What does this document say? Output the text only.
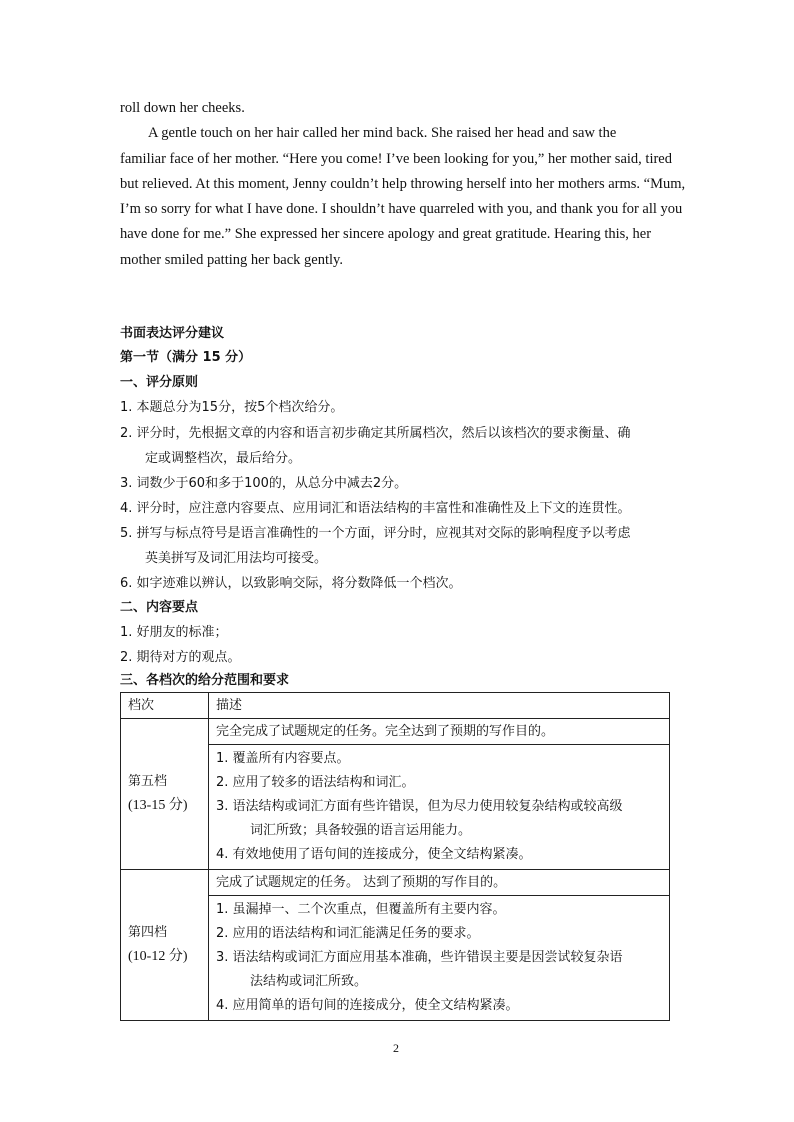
roll down her cheeks.
A gentle touch on her hair called her mind back. She raised her head and saw the
familiar face of her mother. “Here you come! I’ve been looking for you,” her mother said, tired
but relieved. At this moment, Jenny couldn’t help throwing herself into her mothers arms. “Mum,
I’m so sorry for what I have done. I shouldn’t have quarreled with you, and thank you for all you
have done for me.” She expressed her sincere apology and great gratitude. Hearing this, her
mother smiled patting her back gently.
书面表达评分建议
第一节（满分 15 分）
一、评分原则
1. 本题总分为15分，按5个档次给分。
2. 评分时，先根据文章的内容和语言初步确定其所属档次，然后以该档次的要求衡量、确
定或调整档次，最后给分。
3. 词数少于60和多于100的，从总分中减去2分。
4. 评分时，应注意内容要点、应用词汇和语法结构的丰富性和准确性及上下文的连贯性。
5. 拼写与标点符号是语言准确性的一个方面，评分时，应视其对交际的影响程度予以考虑
英美拼写及词汇用法均可接受。
6. 如字迹难以辨认，以致影响交际，将分数降低一个档次。
二、内容要点
1. 好朋友的标准；
2. 期待对方的观点。
三、各档次的给分范围和要求
档次	描述

第五档
(13-15 分)	完全完成了试题规定的任务。完全达到了预期的写作目的。

	1. 覆盖所有内容要点。
2. 应用了较多的语法结构和词汇。
3. 语法结构或词汇方面有些许错误，但为尽力使用较复杂结构或较高级
词汇所致；具备较强的语言运用能力。
4. 有效地使用了语句间的连接成分，使全文结构紧凑。

第四档
(10-12 分)	完成了试题规定的任务。 达到了预期的写作目的。

	1. 虽漏掉一、二个次重点，但覆盖所有主要内容。
2. 应用的语法结构和词汇能满足任务的要求。
3. 语法结构或词汇方面应用基本准确，些许错误主要是因尝试较复杂语
法结构或词汇所致。
4. 应用简单的语句间的连接成分，使全文结构紧凑。
2
